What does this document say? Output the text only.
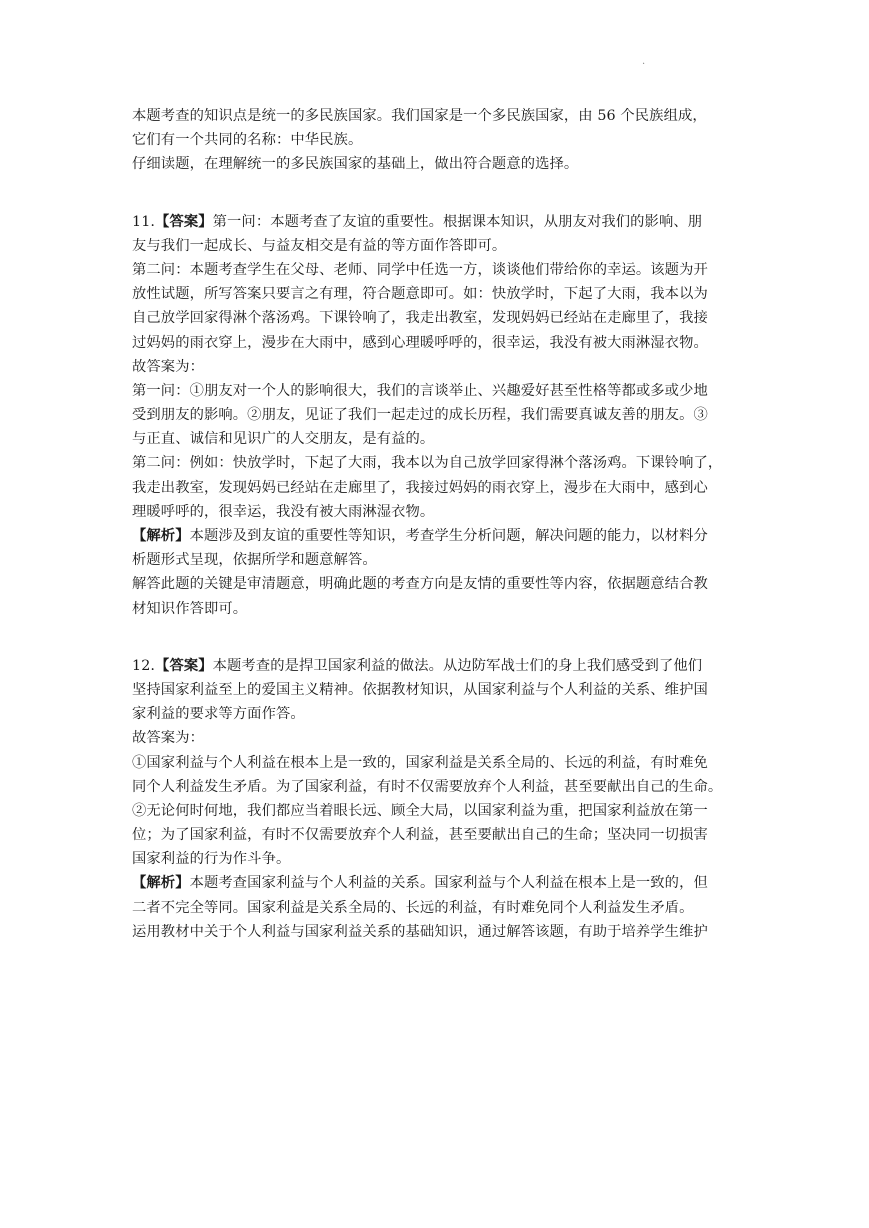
.
本题考查的知识点是统一的多民族国家。我们国家是一个多民族国家，由 56 个民族组成，
它们有一个共同的名称：中华民族。
仔细读题，在理解统一的多民族国家的基础上，做出符合题意的选择。
11.【答案】第一问：本题考查了友谊的重要性。根据课本知识，从朋友对我们的影响、朋
友与我们一起成长、与益友相交是有益的等方面作答即可。
第二问：本题考查学生在父母、老师、同学中任选一方，谈谈他们带给你的幸运。该题为开
放性试题，所写答案只要言之有理，符合题意即可。如：快放学时，下起了大雨，我本以为
自己放学回家得淋个落汤鸡。下课铃响了，我走出教室，发现妈妈已经站在走廊里了，我接
过妈妈的雨衣穿上，漫步在大雨中，感到心理暖呼呼的，很幸运，我没有被大雨淋湿衣物。
故答案为：
第一问：①朋友对一个人的影响很大，我们的言谈举止、兴趣爱好甚至性格等都或多或少地
受到朋友的影响。②朋友，见证了我们一起走过的成长历程，我们需要真诚友善的朋友。③
与正直、诚信和见识广的人交朋友，是有益的。
第二问：例如：快放学时，下起了大雨，我本以为自己放学回家得淋个落汤鸡。下课铃响了，
我走出教室，发现妈妈已经站在走廊里了，我接过妈妈的雨衣穿上，漫步在大雨中，感到心
理暖呼呼的，很幸运，我没有被大雨淋湿衣物。
【解析】本题涉及到友谊的重要性等知识，考查学生分析问题，解决问题的能力，以材料分
析题形式呈现，依据所学和题意解答。
解答此题的关键是审清题意，明确此题的考查方向是友情的重要性等内容，依据题意结合教
材知识作答即可。
12.【答案】本题考查的是捍卫国家利益的做法。从边防军战士们的身上我们感受到了他们
坚持国家利益至上的爱国主义精神。依据教材知识，从国家利益与个人利益的关系、维护国
家利益的要求等方面作答。
故答案为：
①国家利益与个人利益在根本上是一致的，国家利益是关系全局的、长远的利益，有时难免
同个人利益发生矛盾。为了国家利益，有时不仅需要放弃个人利益，甚至要献出自己的生命。
②无论何时何地，我们都应当着眼长远、顾全大局，以国家利益为重，把国家利益放在第一
位；为了国家利益，有时不仅需要放弃个人利益，甚至要献出自己的生命；坚决同一切损害
国家利益的行为作斗争。
【解析】本题考查国家利益与个人利益的关系。国家利益与个人利益在根本上是一致的，但
二者不完全等同。国家利益是关系全局的、长远的利益，有时难免同个人利益发生矛盾。
运用教材中关于个人利益与国家利益关系的基础知识，通过解答该题，有助于培养学生维护
